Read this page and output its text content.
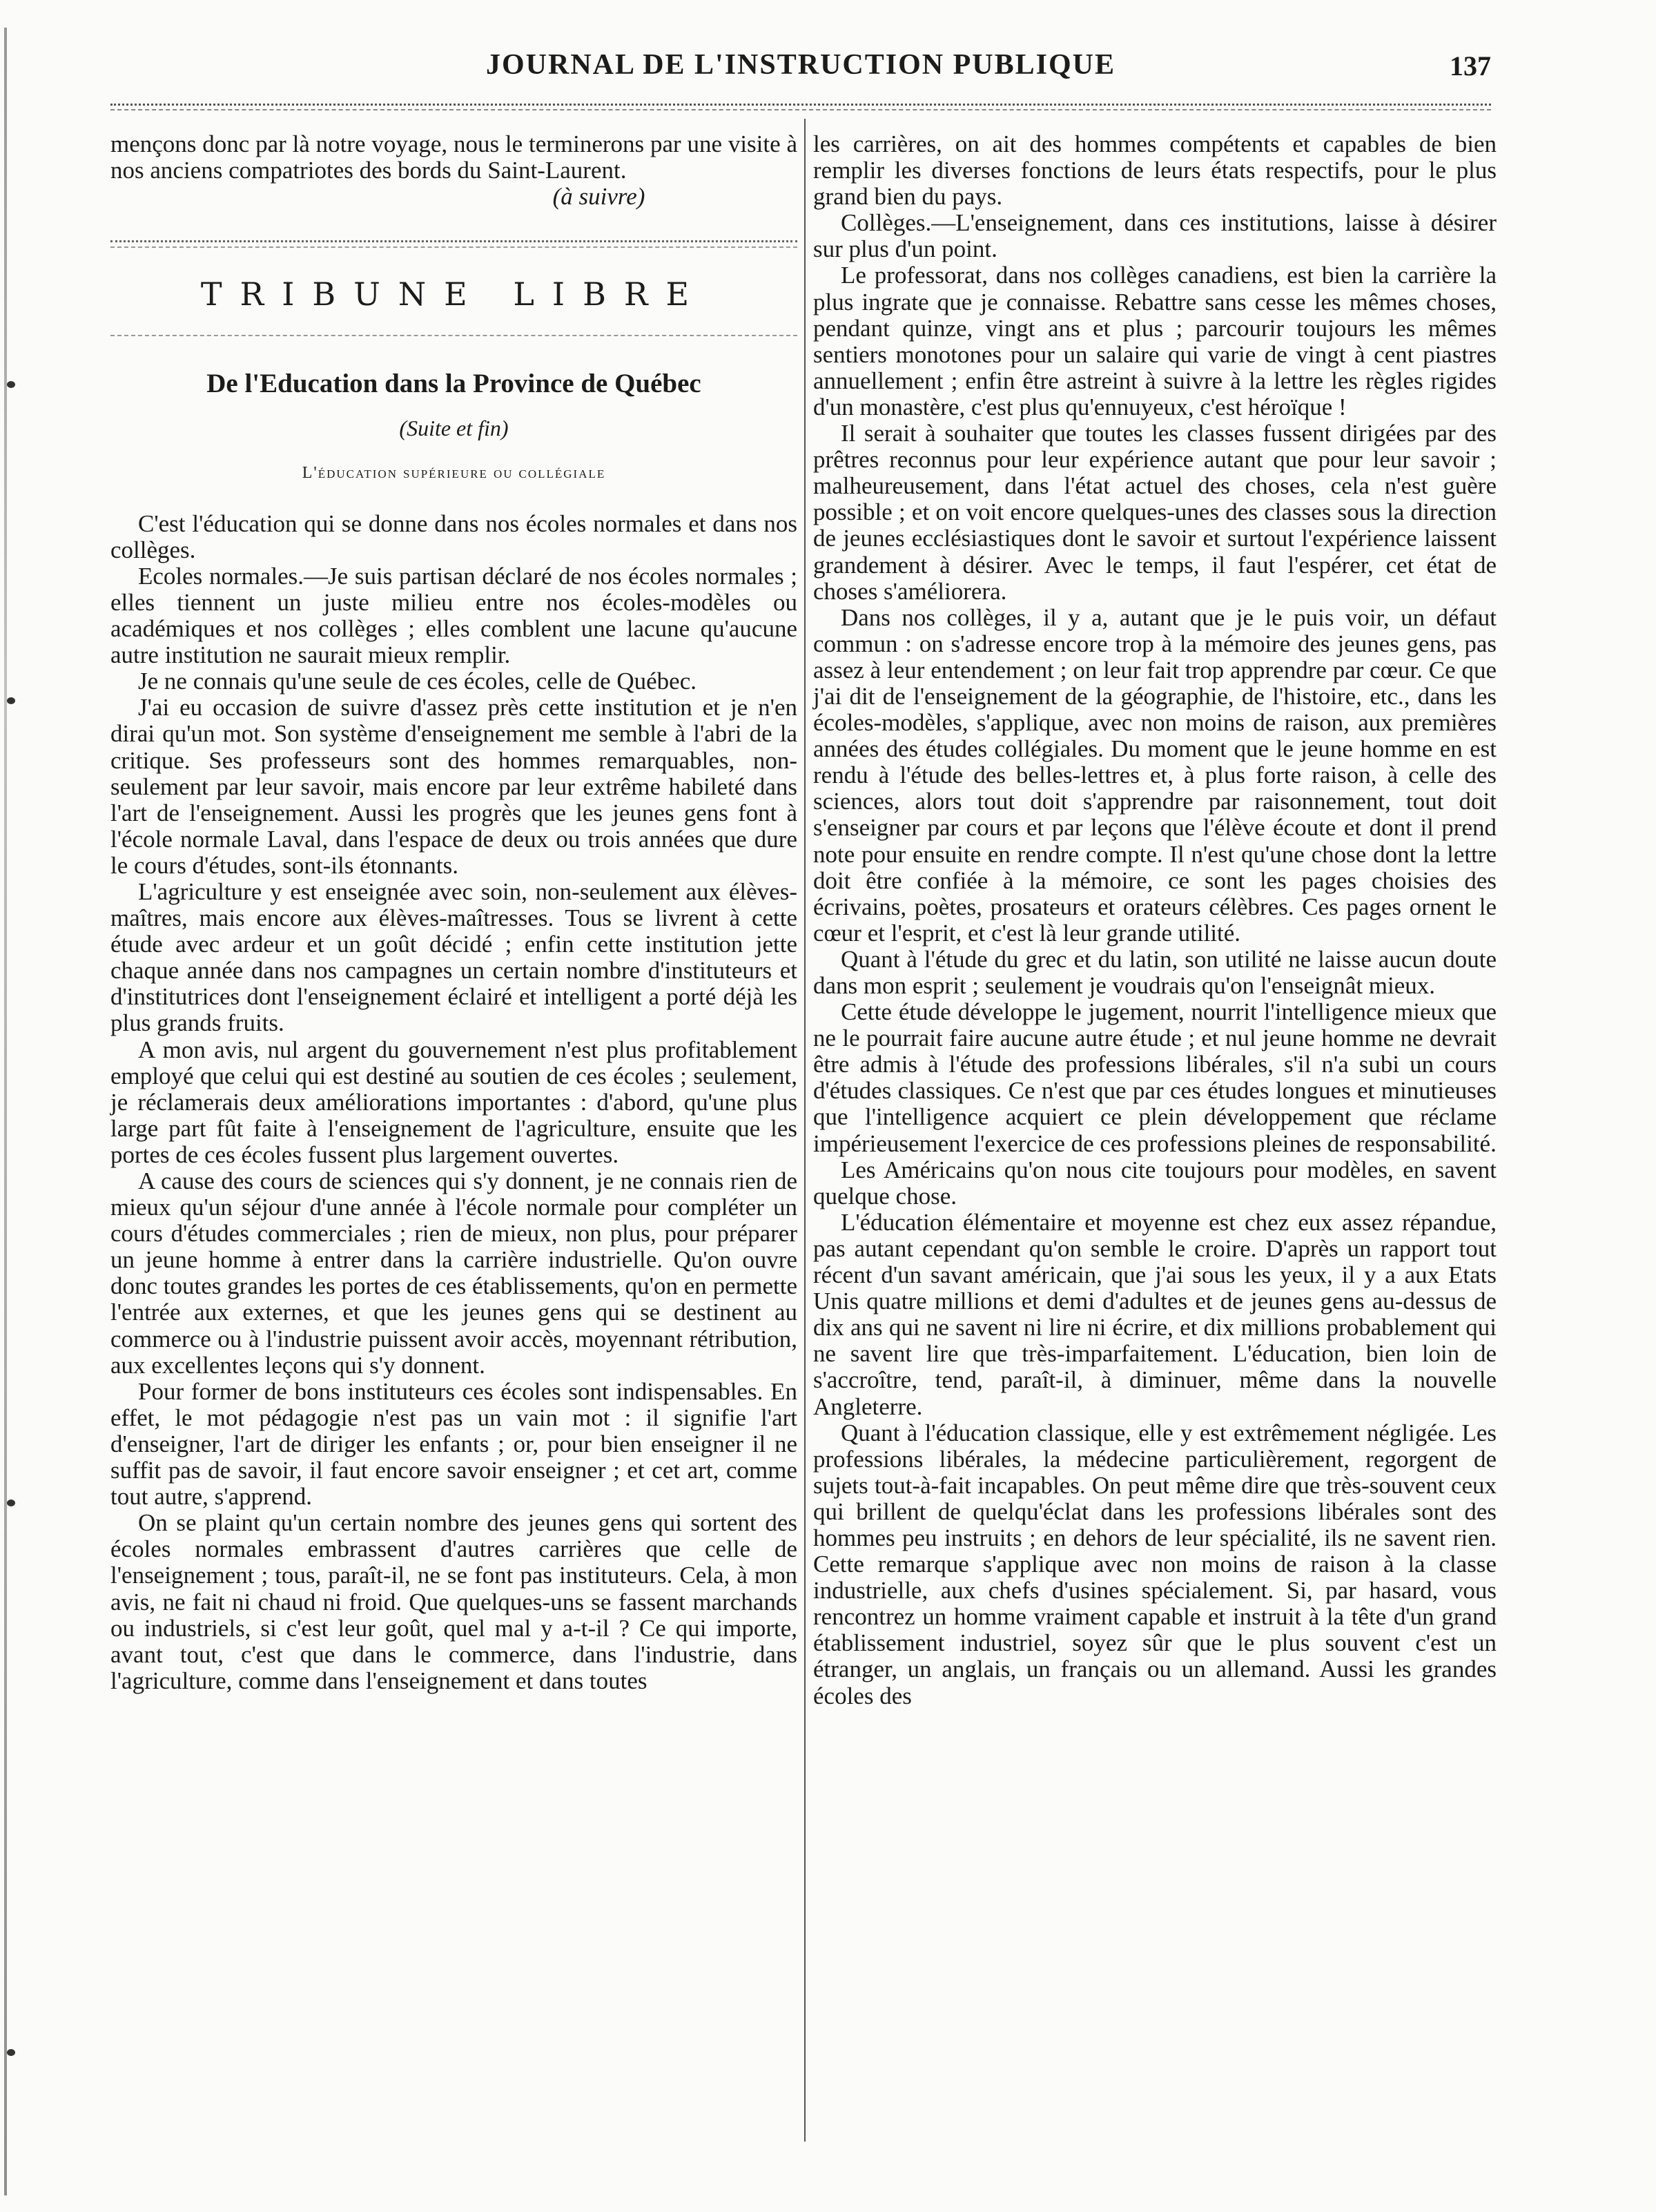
JOURNAL DE L'INSTRUCTION PUBLIQUE	137

mençons donc par là notre voyage, nous le terminerons par une visite à nos anciens compatriotes des bords du Saint-Laurent.

(à suivre)

TRIBUNE LIBRE
De l'Education dans la Province de Québec
(Suite et fin)
L'éducation supérieure ou collégiale

C'est l'éducation qui se donne dans nos écoles normales et dans nos collèges.

Ecoles normales.—Je suis partisan déclaré de nos écoles normales ; elles tiennent un juste milieu entre nos écoles-modèles ou académiques et nos collèges ; elles comblent une lacune qu'aucune autre institution ne saurait mieux remplir.

Je ne connais qu'une seule de ces écoles, celle de Québec.

J'ai eu occasion de suivre d'assez près cette institution et je n'en dirai qu'un mot. Son système d'enseignement me semble à l'abri de la critique. Ses professeurs sont des hommes remarquables, non-seulement par leur savoir, mais encore par leur extrême habileté dans l'art de l'enseignement. Aussi les progrès que les jeunes gens font à l'école normale Laval, dans l'espace de deux ou trois années que dure le cours d'études, sont-ils étonnants.

L'agriculture y est enseignée avec soin, non-seulement aux élèves-maîtres, mais encore aux élèves-maîtresses. Tous se livrent à cette étude avec ardeur et un goût décidé ; enfin cette institution jette chaque année dans nos campagnes un certain nombre d'instituteurs et d'institutrices dont l'enseignement éclairé et intelligent a porté déjà les plus grands fruits.

A mon avis, nul argent du gouvernement n'est plus profitablement employé que celui qui est destiné au soutien de ces écoles ; seulement, je réclamerais deux améliorations importantes : d'abord, qu'une plus large part fût faite à l'enseignement de l'agriculture, ensuite que les portes de ces écoles fussent plus largement ouvertes.

A cause des cours de sciences qui s'y donnent, je ne connais rien de mieux qu'un séjour d'une année à l'école normale pour compléter un cours d'études commerciales ; rien de mieux, non plus, pour préparer un jeune homme à entrer dans la carrière industrielle. Qu'on ouvre donc toutes grandes les portes de ces établissements, qu'on en permette l'entrée aux externes, et que les jeunes gens qui se destinent au commerce ou à l'industrie puissent avoir accès, moyennant rétribution, aux excellentes leçons qui s'y donnent.

Pour former de bons instituteurs ces écoles sont indispensables. En effet, le mot pédagogie n'est pas un vain mot : il signifie l'art d'enseigner, l'art de diriger les enfants ; or, pour bien enseigner il ne suffit pas de savoir, il faut encore savoir enseigner ; et cet art, comme tout autre, s'apprend.

On se plaint qu'un certain nombre des jeunes gens qui sortent des écoles normales embrassent d'autres carrières que celle de l'enseignement ; tous, paraît-il, ne se font pas instituteurs. Cela, à mon avis, ne fait ni chaud ni froid. Que quelques-uns se fassent marchands ou industriels, si c'est leur goût, quel mal y a-t-il ? Ce qui importe, avant tout, c'est que dans le commerce, dans l'industrie, dans l'agriculture, comme dans l'enseignement et dans toutes

les carrières, on ait des hommes compétents et capables de bien remplir les diverses fonctions de leurs états respectifs, pour le plus grand bien du pays.

Collèges.—L'enseignement, dans ces institutions, laisse à désirer sur plus d'un point.

Le professorat, dans nos collèges canadiens, est bien la carrière la plus ingrate que je connaisse. Rebattre sans cesse les mêmes choses, pendant quinze, vingt ans et plus ; parcourir toujours les mêmes sentiers monotones pour un salaire qui varie de vingt à cent piastres annuellement ; enfin être astreint à suivre à la lettre les règles rigides d'un monastère, c'est plus qu'ennuyeux, c'est héroïque !

Il serait à souhaiter que toutes les classes fussent dirigées par des prêtres reconnus pour leur expérience autant que pour leur savoir ; malheureusement, dans l'état actuel des choses, cela n'est guère possible ; et on voit encore quelques-unes des classes sous la direction de jeunes ecclésiastiques dont le savoir et surtout l'expérience laissent grandement à désirer. Avec le temps, il faut l'espérer, cet état de choses s'améliorera.

Dans nos collèges, il y a, autant que je le puis voir, un défaut commun : on s'adresse encore trop à la mémoire des jeunes gens, pas assez à leur entendement ; on leur fait trop apprendre par cœur. Ce que j'ai dit de l'enseignement de la géographie, de l'histoire, etc., dans les écoles-modèles, s'applique, avec non moins de raison, aux premières années des études collégiales. Du moment que le jeune homme en est rendu à l'étude des belles-lettres et, à plus forte raison, à celle des sciences, alors tout doit s'apprendre par raisonnement, tout doit s'enseigner par cours et par leçons que l'élève écoute et dont il prend note pour ensuite en rendre compte. Il n'est qu'une chose dont la lettre doit être confiée à la mémoire, ce sont les pages choisies des écrivains, poètes, prosateurs et orateurs célèbres. Ces pages ornent le cœur et l'esprit, et c'est là leur grande utilité.

Quant à l'étude du grec et du latin, son utilité ne laisse aucun doute dans mon esprit ; seulement je voudrais qu'on l'enseignât mieux.

Cette étude développe le jugement, nourrit l'intelligence mieux que ne le pourrait faire aucune autre étude ; et nul jeune homme ne devrait être admis à l'étude des professions libérales, s'il n'a subi un cours d'études classiques. Ce n'est que par ces études longues et minutieuses que l'intelligence acquiert ce plein développement que réclame impérieusement l'exercice de ces professions pleines de responsabilité.

Les Américains qu'on nous cite toujours pour modèles, en savent quelque chose.

L'éducation élémentaire et moyenne est chez eux assez répandue, pas autant cependant qu'on semble le croire. D'après un rapport tout récent d'un savant américain, que j'ai sous les yeux, il y a aux Etats Unis quatre millions et demi d'adultes et de jeunes gens au-dessus de dix ans qui ne savent ni lire ni écrire, et dix millions probablement qui ne savent lire que très-imparfaitement. L'éducation, bien loin de s'accroître, tend, paraît-il, à diminuer, même dans la nouvelle Angleterre.

Quant à l'éducation classique, elle y est extrêmement négligée. Les professions libérales, la médecine particulièrement, regorgent de sujets tout-à-fait incapables. On peut même dire que très-souvent ceux qui brillent de quelqu'éclat dans les professions libérales sont des hommes peu instruits ; en dehors de leur spécialité, ils ne savent rien. Cette remarque s'applique avec non moins de raison à la classe industrielle, aux chefs d'usines spécialement. Si, par hasard, vous rencontrez un homme vraiment capable et instruit à la tête d'un grand établissement industriel, soyez sûr que le plus souvent c'est un étranger, un anglais, un français ou un allemand. Aussi les grandes écoles des
